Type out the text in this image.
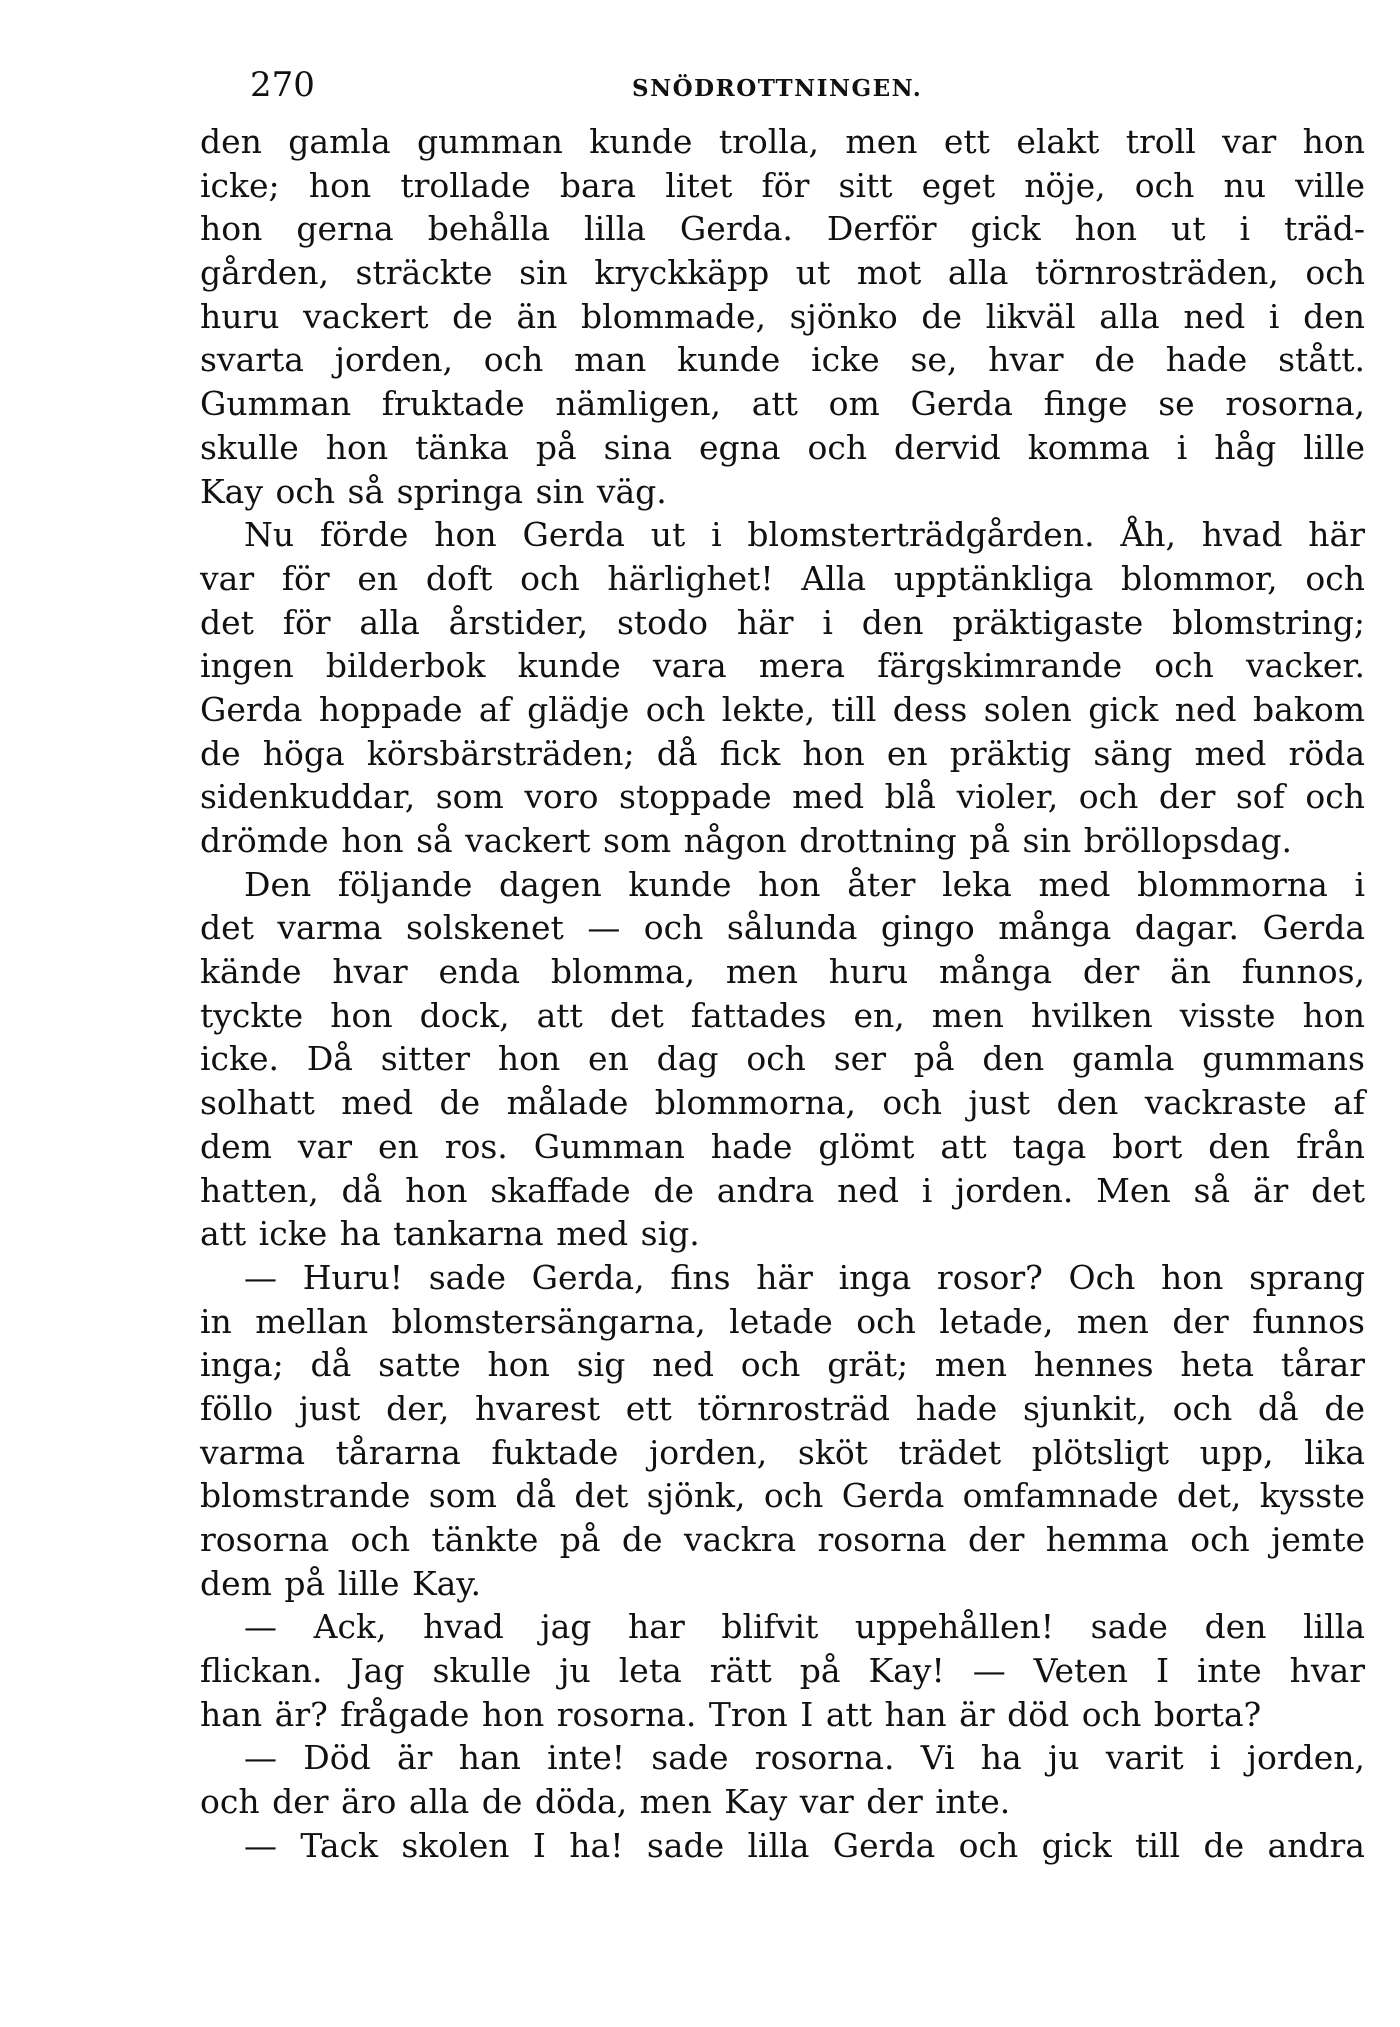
270	SNÖDROTTNINGEN.
den gamla gumman kunde trolla, men ett elakt troll var hon
icke; hon trollade bara litet för sitt eget nöje, och nu ville
hon gerna behålla lilla Gerda. Derför gick hon ut i träd-
gården, sträckte sin kryckkäpp ut mot alla törnrosträden, och
huru vackert de än blommade, sjönko de likväl alla ned i den
svarta jorden, och man kunde icke se, hvar de hade stått.
Gumman fruktade nämligen, att om Gerda finge se rosorna,
skulle hon tänka på sina egna och dervid komma i håg lille
Kay och så springa sin väg.
Nu förde hon Gerda ut i blomsterträdgården. Åh, hvad här
var för en doft och härlighet! Alla upptänkliga blommor, och
det för alla årstider, stodo här i den präktigaste blomstring;
ingen bilderbok kunde vara mera färgskimrande och vacker.
Gerda hoppade af glädje och lekte, till dess solen gick ned bakom
de höga körsbärsträden; då fick hon en präktig säng med röda
sidenkuddar, som voro stoppade med blå violer, och der sof och
drömde hon så vackert som någon drottning på sin bröllopsdag.
Den följande dagen kunde hon åter leka med blommorna i
det varma solskenet — och sålunda gingo många dagar. Gerda
kände hvar enda blomma, men huru många der än funnos,
tyckte hon dock, att det fattades en, men hvilken visste hon
icke. Då sitter hon en dag och ser på den gamla gummans
solhatt med de målade blommorna, och just den vackraste af
dem var en ros. Gumman hade glömt att taga bort den från
hatten, då hon skaffade de andra ned i jorden. Men så är det
att icke ha tankarna med sig.
— Huru! sade Gerda, fins här inga rosor? Och hon sprang
in mellan blomstersängarna, letade och letade, men der funnos
inga; då satte hon sig ned och grät; men hennes heta tårar
föllo just der, hvarest ett törnrosträd hade sjunkit, och då de
varma tårarna fuktade jorden, sköt trädet plötsligt upp, lika
blomstrande som då det sjönk, och Gerda omfamnade det, kysste
rosorna och tänkte på de vackra rosorna der hemma och jemte
dem på lille Kay.
— Ack, hvad jag har blifvit uppehållen! sade den lilla
flickan. Jag skulle ju leta rätt på Kay! — Veten I inte hvar
han är? frågade hon rosorna. Tron I att han är död och borta?
— Död är han inte! sade rosorna. Vi ha ju varit i jorden,
och der äro alla de döda, men Kay var der inte.
— Tack skolen I ha! sade lilla Gerda och gick till de andra
